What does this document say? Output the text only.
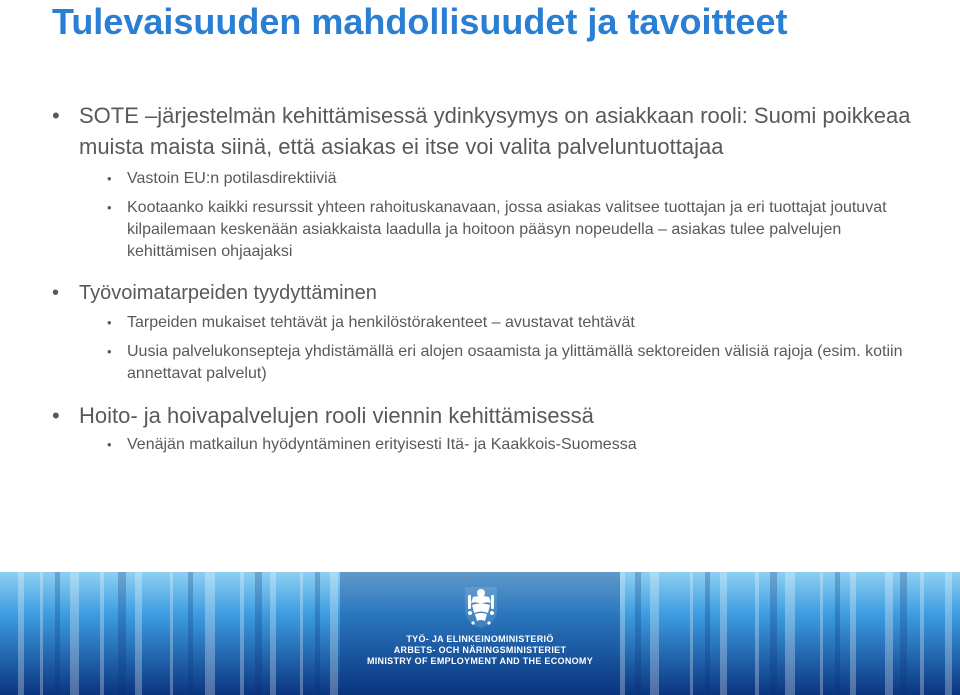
Tulevaisuuden mahdollisuudet ja tavoitteet
• SOTE –järjestelmän kehittämisessä ydinkysymys on asiakkaan rooli: Suomi poikkeaa muista maista siinä, että asiakas ei itse voi valita palveluntuottajaa
• Vastoin EU:n potilasdirektiiviä
• Kootaanko kaikki resurssit yhteen rahoituskanavaan, jossa asiakas valitsee tuottajan ja eri tuottajat joutuvat kilpailemaan keskenään asiakkaista laadulla ja hoitoon pääsyn nopeudella – asiakas tulee palvelujen kehittämisen ohjaajaksi
• Työvoimatarpeiden tyydyttäminen
• Tarpeiden mukaiset tehtävät ja henkilöstörakenteet – avustavat tehtävät
• Uusia palvelukonsepteja yhdistämällä eri alojen osaamista ja ylittämällä sektoreiden välisiä rajoja (esim. kotiin annettavat palvelut)
• Hoito- ja hoivapalvelujen rooli viennin kehittämisessä
• Venäjän matkailun hyödyntäminen erityisesti Itä- ja Kaakkois-Suomessa
TYÖ- JA ELINKEINOMINISTERIÖ
ARBETS- OCH NÄRINGSMINISTERIET
MINISTRY OF EMPLOYMENT AND THE ECONOMY
